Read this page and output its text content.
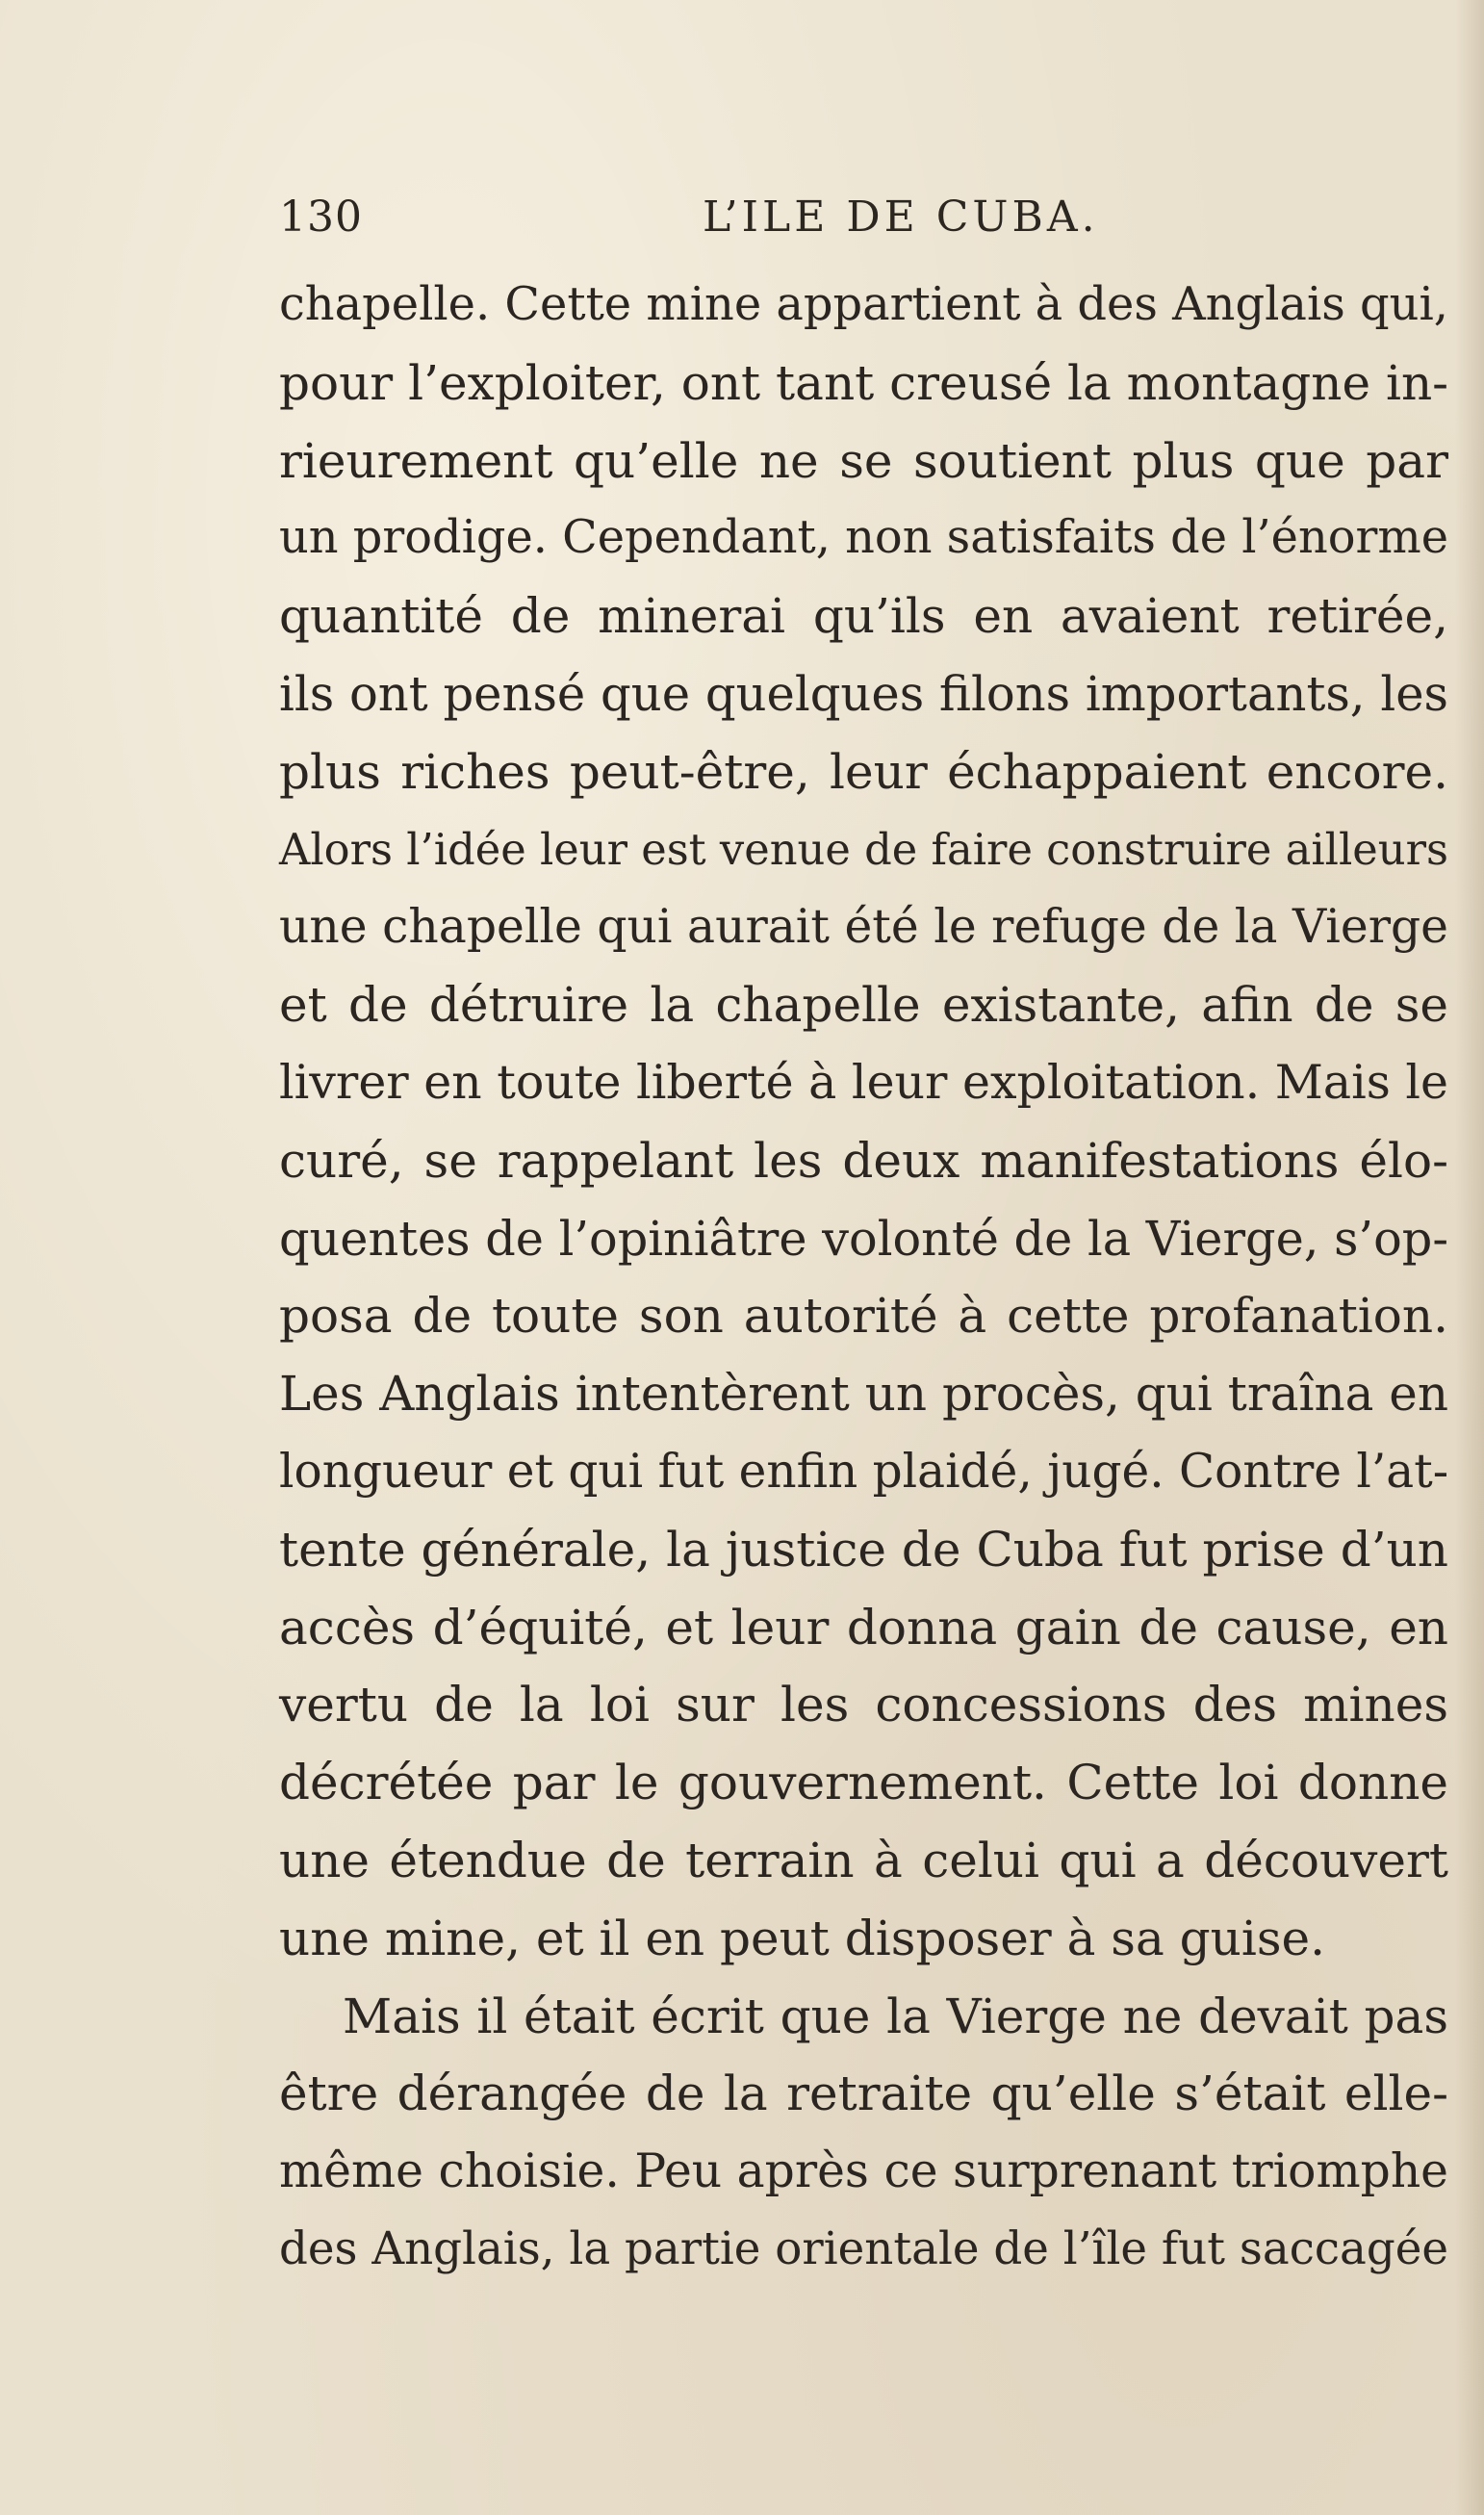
130	L’ILE DE CUBA.
chapelle. Cette mine appartient à des Anglais qui,
pour l’exploiter, ont tant creusé la montagne in-
rieurement qu’elle ne se soutient plus que par
un prodige. Cependant, non satisfaits de l’énorme
quantité de minerai qu’ils en avaient retirée,
ils ont pensé que quelques filons importants, les
plus riches peut-être, leur échappaient encore.
Alors l’idée leur est venue de faire construire ailleurs
une chapelle qui aurait été le refuge de la Vierge
et de détruire la chapelle existante, afin de se
livrer en toute liberté à leur exploitation. Mais le
curé, se rappelant les deux manifestations élo-
quentes de l’opiniâtre volonté de la Vierge, s’op-
posa de toute son autorité à cette profanation.
Les Anglais intentèrent un procès, qui traîna en
longueur et qui fut enfin plaidé, jugé. Contre l’at-
tente générale, la justice de Cuba fut prise d’un
accès d’équité, et leur donna gain de cause, en
vertu de la loi sur les concessions des mines
décrétée par le gouvernement. Cette loi donne
une étendue de terrain à celui qui a découvert
une mine, et il en peut disposer à sa guise.
Mais il était écrit que la Vierge ne devait pas
être dérangée de la retraite qu’elle s’était elle-
même choisie. Peu après ce surprenant triomphe
des Anglais, la partie orientale de l’île fut saccagée
